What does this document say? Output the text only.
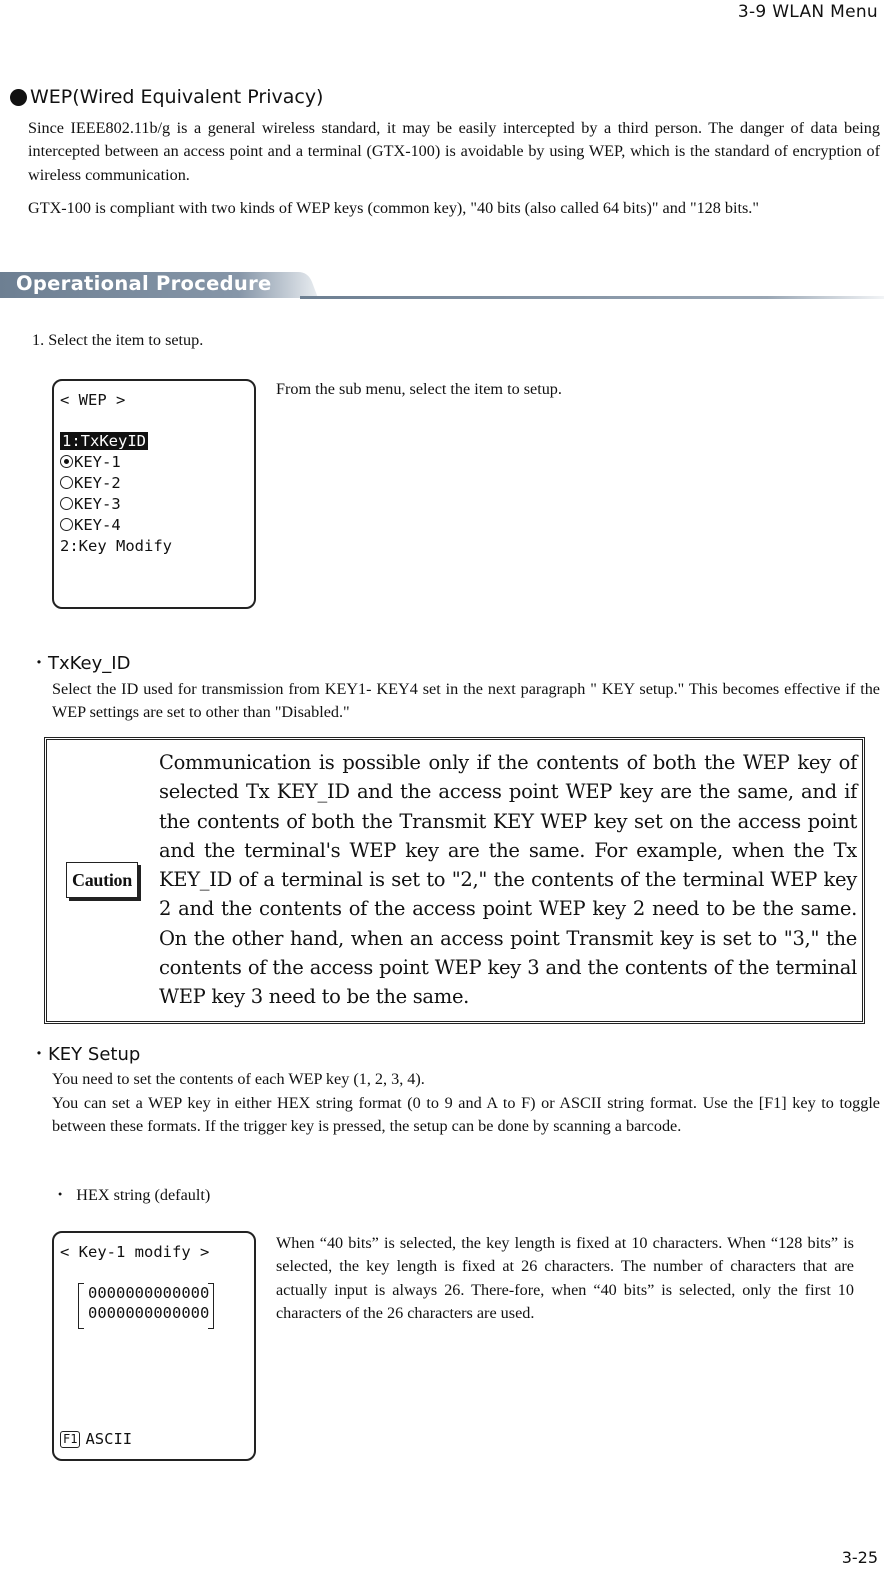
3-9 WLAN Menu
WEP(Wired Equivalent Privacy)
Since IEEE802.11b/g is a general wireless standard, it may be easily intercepted by a third person. The danger of data being intercepted between an access point and a terminal (GTX-100) is avoidable by using WEP, which is the standard of encryption of wireless communication.
GTX-100 is compliant with two kinds of WEP keys (common key), "40 bits (also called 64 bits)" and "128 bits."
Operational Procedure
1. Select the item to setup.
< WEP >
1:TxKeyID
KEY-1
KEY-2
KEY-3
KEY-4
2:Key Modify
From the sub menu, select the item to setup.
・TxKey_ID
Select the ID used for transmission from KEY1- KEY4 set in the next paragraph " KEY setup." This becomes effective if the WEP settings are set to other than "Disabled."
Caution
Communication is possible only if the contents of both the WEP key of selected Tx KEY_ID and the access point WEP key are the same, and if the contents of both the Transmit KEY WEP key set on the access point and the terminal's WEP key are the same. For example, when the Tx KEY_ID of a terminal is set to "2," the contents of the terminal WEP key 2 and the contents of the access point WEP key 2 need to be the same. On the other hand, when an access point Transmit key is set to "3," the contents of the access point WEP key 3 and the contents of the terminal WEP key 3 need to be the same.
・KEY Setup
You need to set the contents of each WEP key (1, 2, 3, 4).
You can set a WEP key in either HEX string format (0 to 9 and A to F) or ASCII string format. Use the [F1] key to toggle between these formats. If the trigger key is pressed, the setup can be done by scanning a barcode.
・  HEX string (default)
< Key-1 modify >
0000000000000
0000000000000
F1 ASCII
When “40 bits” is selected, the key length is fixed at 10 characters. When “128 bits” is selected, the key length is fixed at 26 characters. The number of characters that are actually input is always 26. There-fore, when “40 bits” is selected, only the first 10 characters of the 26 characters are used.
3-25
